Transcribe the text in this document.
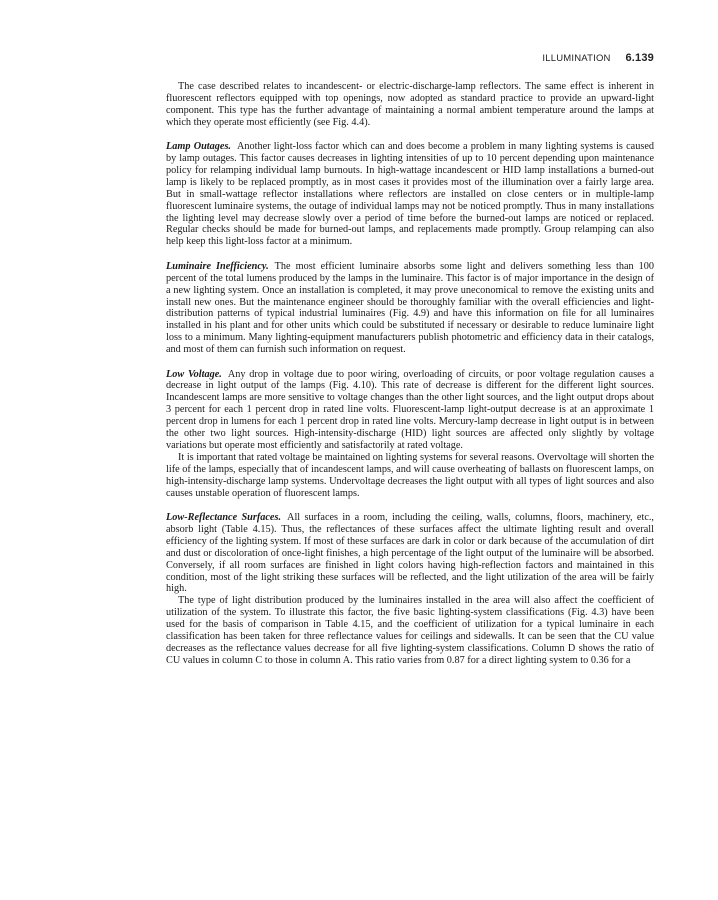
ILLUMINATION 6.139

The case described relates to incandescent- or electric-discharge-lamp reflectors. The same effect is inherent in fluorescent reflectors equipped with top openings, now adopted as standard practice to provide an upward-light component. This type has the further advantage of maintaining a normal ambient temperature around the lamps at which they operate most efficiently (see Fig. 4.4).

Lamp Outages. Another light-loss factor which can and does become a problem in many lighting systems is caused by lamp outages. This factor causes decreases in lighting intensities of up to 10 percent depending upon maintenance policy for relamping individual lamp burnouts. In high-wattage incandescent or HID lamp installations a burned-out lamp is likely to be replaced promptly, as in most cases it provides most of the illumination over a fairly large area. But in small-wattage reflector installations where reflectors are installed on close centers or in multiple-lamp fluorescent luminaire systems, the outage of individual lamps may not be noticed promptly. Thus in many installations the lighting level may decrease slowly over a period of time before the burned-out lamps are noticed or replaced. Regular checks should be made for burned-out lamps, and replacements made promptly. Group relamping can also help keep this light-loss factor at a minimum.

Luminaire Inefficiency. The most efficient luminaire absorbs some light and delivers something less than 100 percent of the total lumens produced by the lamps in the luminaire. This factor is of major importance in the design of a new lighting system. Once an installation is completed, it may prove uneconomical to remove the existing units and install new ones. But the maintenance engineer should be thoroughly familiar with the overall efficiencies and light-distribution patterns of typical industrial luminaires (Fig. 4.9) and have this information on file for all luminaires installed in his plant and for other units which could be substituted if necessary or desirable to reduce luminaire light loss to a minimum. Many lighting-equipment manufacturers publish photometric and efficiency data in their catalogs, and most of them can furnish such information on request.

Low Voltage. Any drop in voltage due to poor wiring, overloading of circuits, or poor voltage regulation causes a decrease in light output of the lamps (Fig. 4.10). This rate of decrease is different for the different light sources. Incandescent lamps are more sensitive to voltage changes than the other light sources, and the light output drops about 3 percent for each 1 percent drop in rated line volts. Fluorescent-lamp light-output decrease is at an approximate 1 percent drop in lumens for each 1 percent drop in rated line volts. Mercury-lamp decrease in light output is in between the other two light sources. High-intensity-discharge (HID) light sources are affected only slightly by voltage variations but operate most efficiently and satisfactorily at rated voltage.

It is important that rated voltage be maintained on lighting systems for several reasons. Overvoltage will shorten the life of the lamps, especially that of incandescent lamps, and will cause overheating of ballasts on fluorescent lamps, on high-intensity-discharge lamp systems. Undervoltage decreases the light output with all types of light sources and also causes unstable operation of fluorescent lamps.

Low-Reflectance Surfaces. All surfaces in a room, including the ceiling, walls, columns, floors, machinery, etc., absorb light (Table 4.15). Thus, the reflectances of these surfaces affect the ultimate lighting result and overall efficiency of the lighting system. If most of these surfaces are dark in color or dark because of the accumulation of dirt and dust or discoloration of once-light finishes, a high percentage of the light output of the luminaire will be absorbed. Conversely, if all room surfaces are finished in light colors having high-reflection factors and maintained in this condition, most of the light striking these surfaces will be reflected, and the light utilization of the area will be fairly high.

The type of light distribution produced by the luminaires installed in the area will also affect the coefficient of utilization of the system. To illustrate this factor, the five basic lighting-system classifications (Fig. 4.3) have been used for the basis of comparison in Table 4.15, and the coefficient of utilization for a typical luminaire in each classification has been taken for three reflectance values for ceilings and sidewalls. It can be seen that the CU value decreases as the reflectance values decrease for all five lighting-system classifications. Column D shows the ratio of CU values in column C to those in column A. This ratio varies from 0.87 for a direct lighting system to 0.36 for a
